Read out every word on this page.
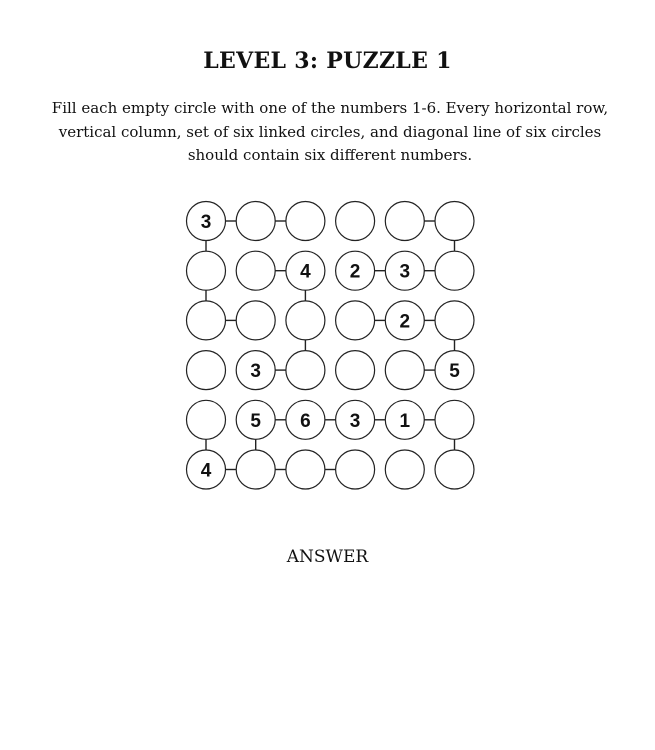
LEVEL 3: PUZZLE 1
Fill each empty circle with one of the numbers 1-6. Every horizontal row, vertical column, set of six linked circles, and diagonal line of six circles should contain six different numbers.
3
4 2 3
2
3	5
5 6 3 1
4
ANSWER
